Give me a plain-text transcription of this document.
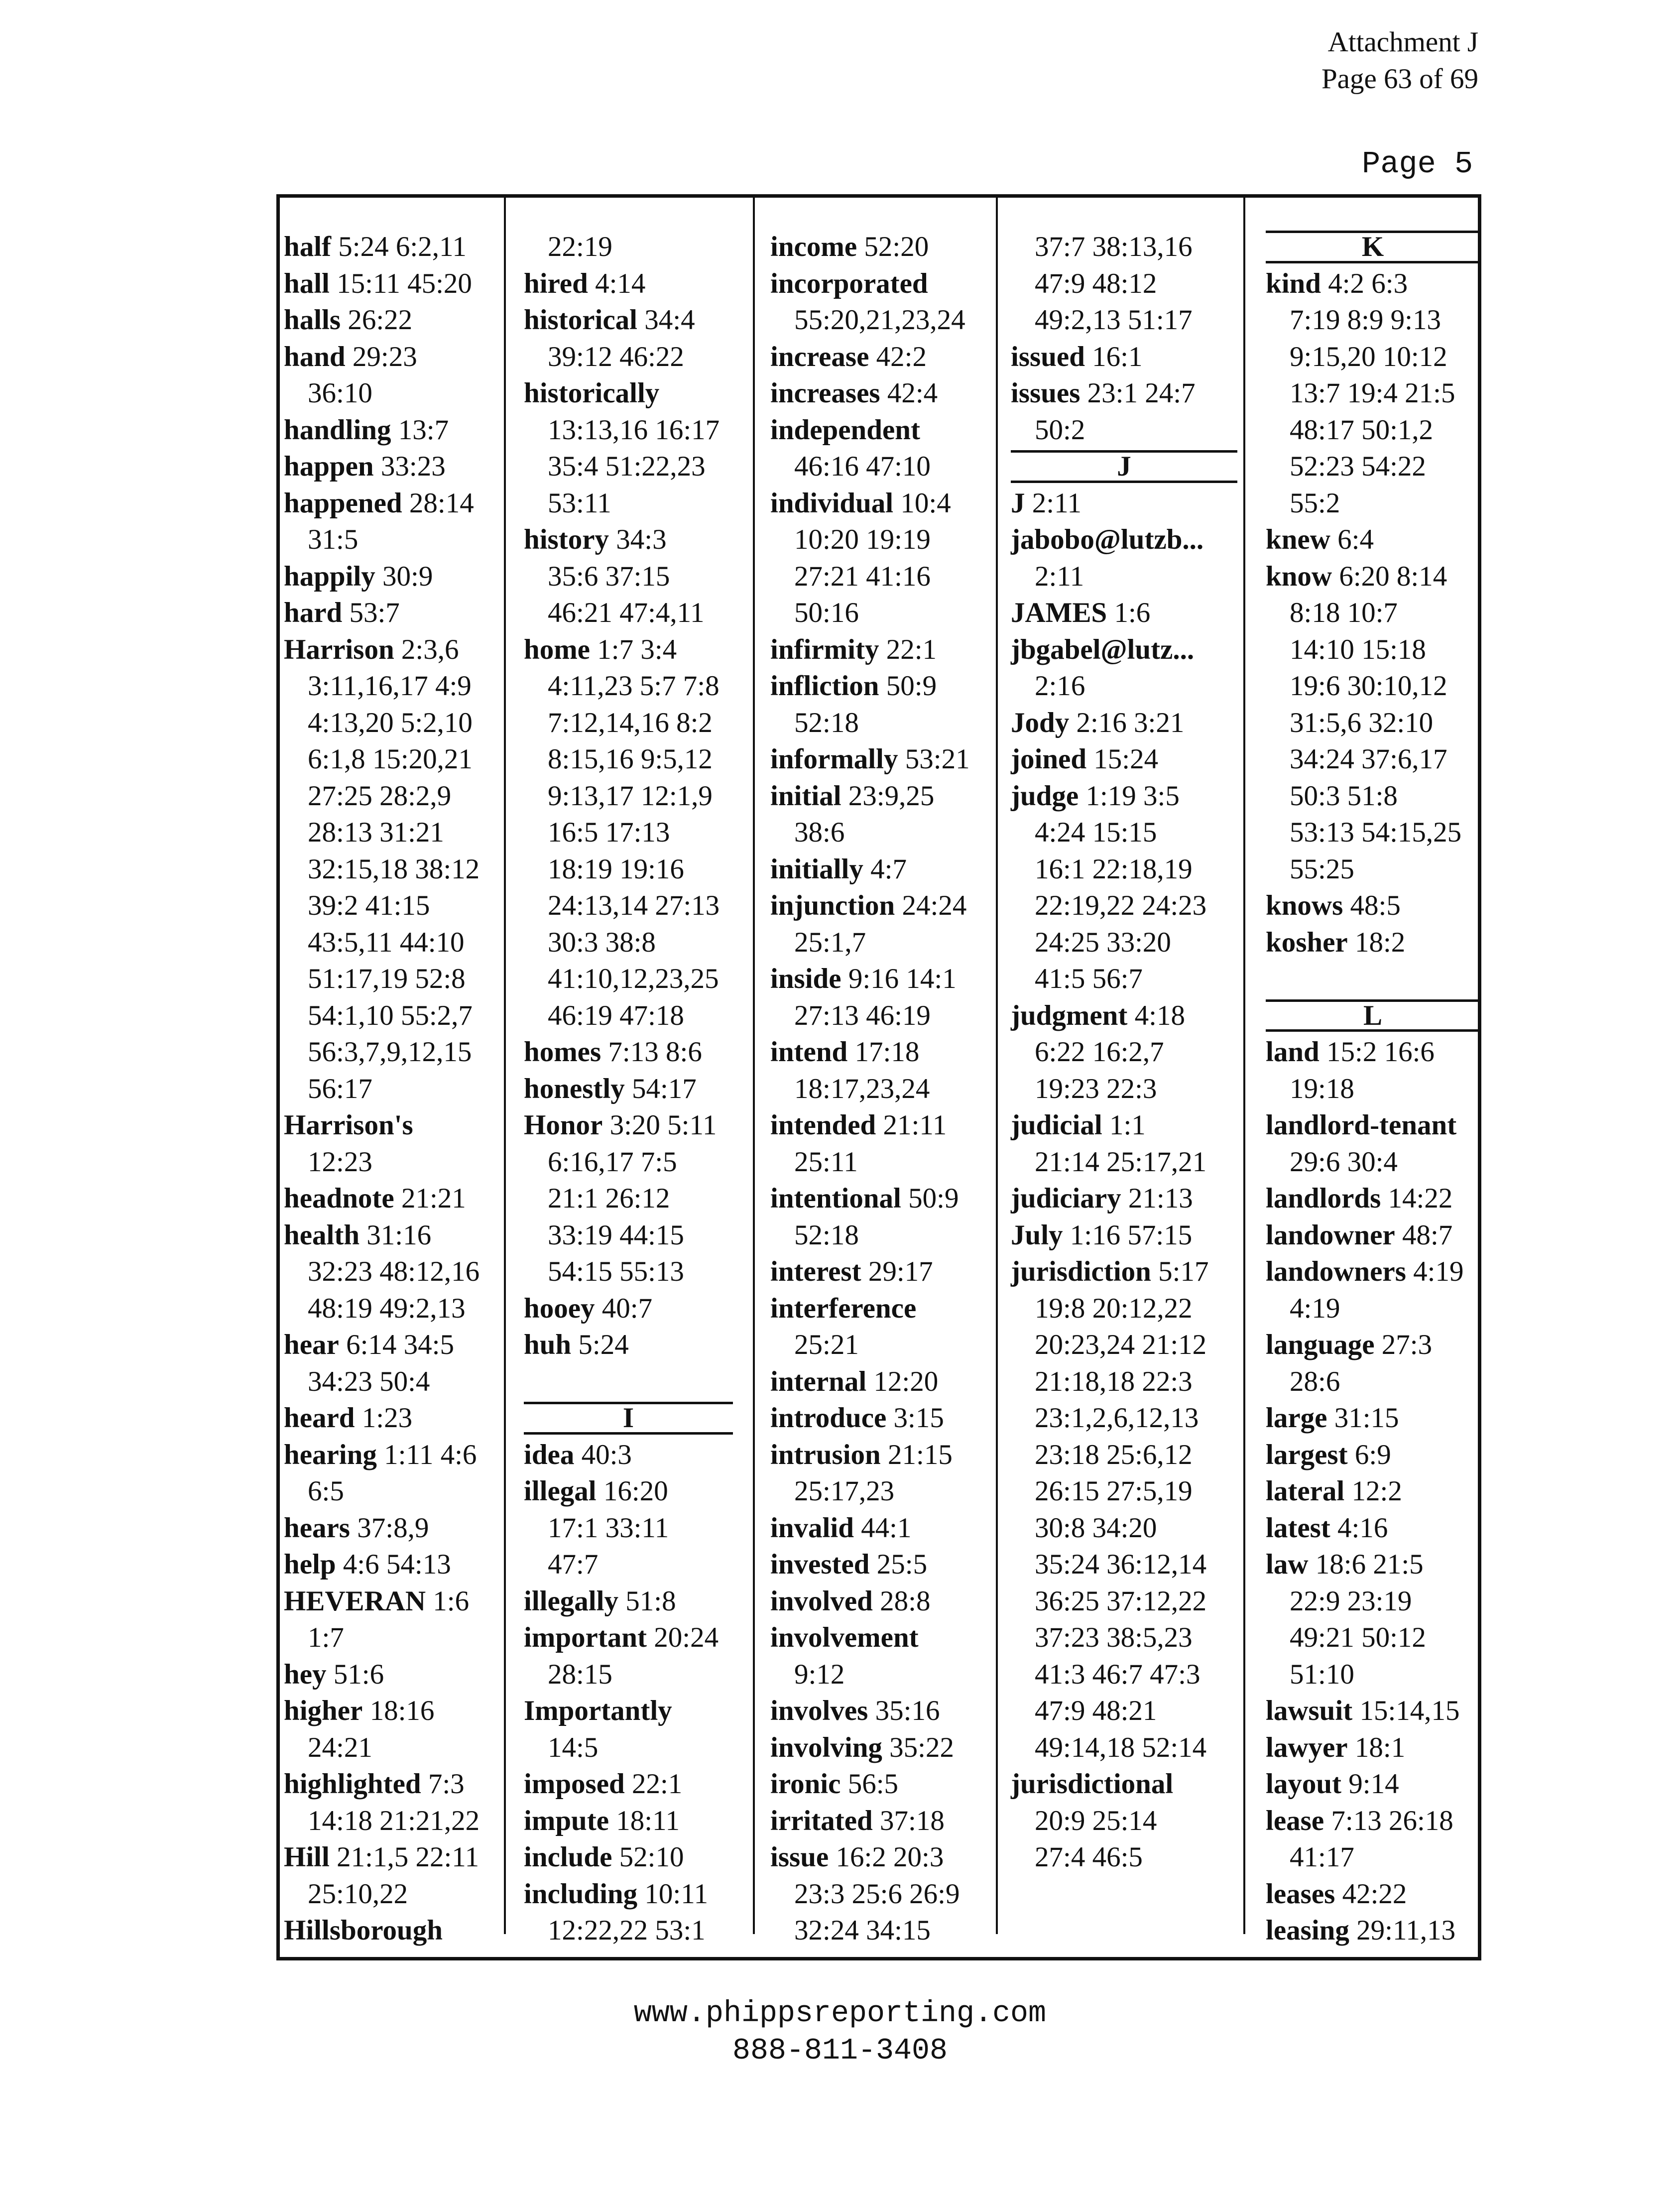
Attachment J
Page 63 of 69
Page 5
half 5:24 6:2,11
hall 15:11 45:20
halls 26:22
hand 29:23
36:10
handling 13:7
happen 33:23
happened 28:14
31:5
happily 30:9
hard 53:7
Harrison 2:3,6
3:11,16,17 4:9
4:13,20 5:2,10
6:1,8 15:20,21
27:25 28:2,9
28:13 31:21
32:15,18 38:12
39:2 41:15
43:5,11 44:10
51:17,19 52:8
54:1,10 55:2,7
56:3,7,9,12,15
56:17
Harrison's
12:23
headnote 21:21
health 31:16
32:23 48:12,16
48:19 49:2,13
hear 6:14 34:5
34:23 50:4
heard 1:23
hearing 1:11 4:6
6:5
hears 37:8,9
help 4:6 54:13
HEVERAN 1:6
1:7
hey 51:6
higher 18:16
24:21
highlighted 7:3
14:18 21:21,22
Hill 21:1,5 22:11
25:10,22
Hillsborough
22:19
hired 4:14
historical 34:4
39:12 46:22
historically
13:13,16 16:17
35:4 51:22,23
53:11
history 34:3
35:6 37:15
46:21 47:4,11
home 1:7 3:4
4:11,23 5:7 7:8
7:12,14,16 8:2
8:15,16 9:5,12
9:13,17 12:1,9
16:5 17:13
18:19 19:16
24:13,14 27:13
30:3 38:8
41:10,12,23,25
46:19 47:18
homes 7:13 8:6
honestly 54:17
Honor 3:20 5:11
6:16,17 7:5
21:1 26:12
33:19 44:15
54:15 55:13
hooey 40:7
huh 5:24
I
idea 40:3
illegal 16:20
17:1 33:11
47:7
illegally 51:8
important 20:24
28:15
Importantly
14:5
imposed 22:1
impute 18:11
include 52:10
including 10:11
12:22,22 53:1
income 52:20
incorporated
55:20,21,23,24
increase 42:2
increases 42:4
independent
46:16 47:10
individual 10:4
10:20 19:19
27:21 41:16
50:16
infirmity 22:1
infliction 50:9
52:18
informally 53:21
initial 23:9,25
38:6
initially 4:7
injunction 24:24
25:1,7
inside 9:16 14:1
27:13 46:19
intend 17:18
18:17,23,24
intended 21:11
25:11
intentional 50:9
52:18
interest 29:17
interference
25:21
internal 12:20
introduce 3:15
intrusion 21:15
25:17,23
invalid 44:1
invested 25:5
involved 28:8
involvement
9:12
involves 35:16
involving 35:22
ironic 56:5
irritated 37:18
issue 16:2 20:3
23:3 25:6 26:9
32:24 34:15
37:7 38:13,16
47:9 48:12
49:2,13 51:17
issued 16:1
issues 23:1 24:7
50:2
J
J 2:11
jabobo@lutzb...
2:11
JAMES 1:6
jbgabel@lutz...
2:16
Jody 2:16 3:21
joined 15:24
judge 1:19 3:5
4:24 15:15
16:1 22:18,19
22:19,22 24:23
24:25 33:20
41:5 56:7
judgment 4:18
6:22 16:2,7
19:23 22:3
judicial 1:1
21:14 25:17,21
judiciary 21:13
July 1:16 57:15
jurisdiction 5:17
19:8 20:12,22
20:23,24 21:12
21:18,18 22:3
23:1,2,6,12,13
23:18 25:6,12
26:15 27:5,19
30:8 34:20
35:24 36:12,14
36:25 37:12,22
37:23 38:5,23
41:3 46:7 47:3
47:9 48:21
49:14,18 52:14
jurisdictional
20:9 25:14
27:4 46:5
K
kind 4:2 6:3
7:19 8:9 9:13
9:15,20 10:12
13:7 19:4 21:5
48:17 50:1,2
52:23 54:22
55:2
knew 6:4
know 6:20 8:14
8:18 10:7
14:10 15:18
19:6 30:10,12
31:5,6 32:10
34:24 37:6,17
50:3 51:8
53:13 54:15,25
55:25
knows 48:5
kosher 18:2
L
land 15:2 16:6
19:18
landlord-tenant
29:6 30:4
landlords 14:22
landowner 48:7
landowners 4:19
4:19
language 27:3
28:6
large 31:15
largest 6:9
lateral 12:2
latest 4:16
law 18:6 21:5
22:9 23:19
49:21 50:12
51:10
lawsuit 15:14,15
lawyer 18:1
layout 9:14
lease 7:13 26:18
41:17
leases 42:22
leasing 29:11,13
www.phippsreporting.com
888-811-3408
